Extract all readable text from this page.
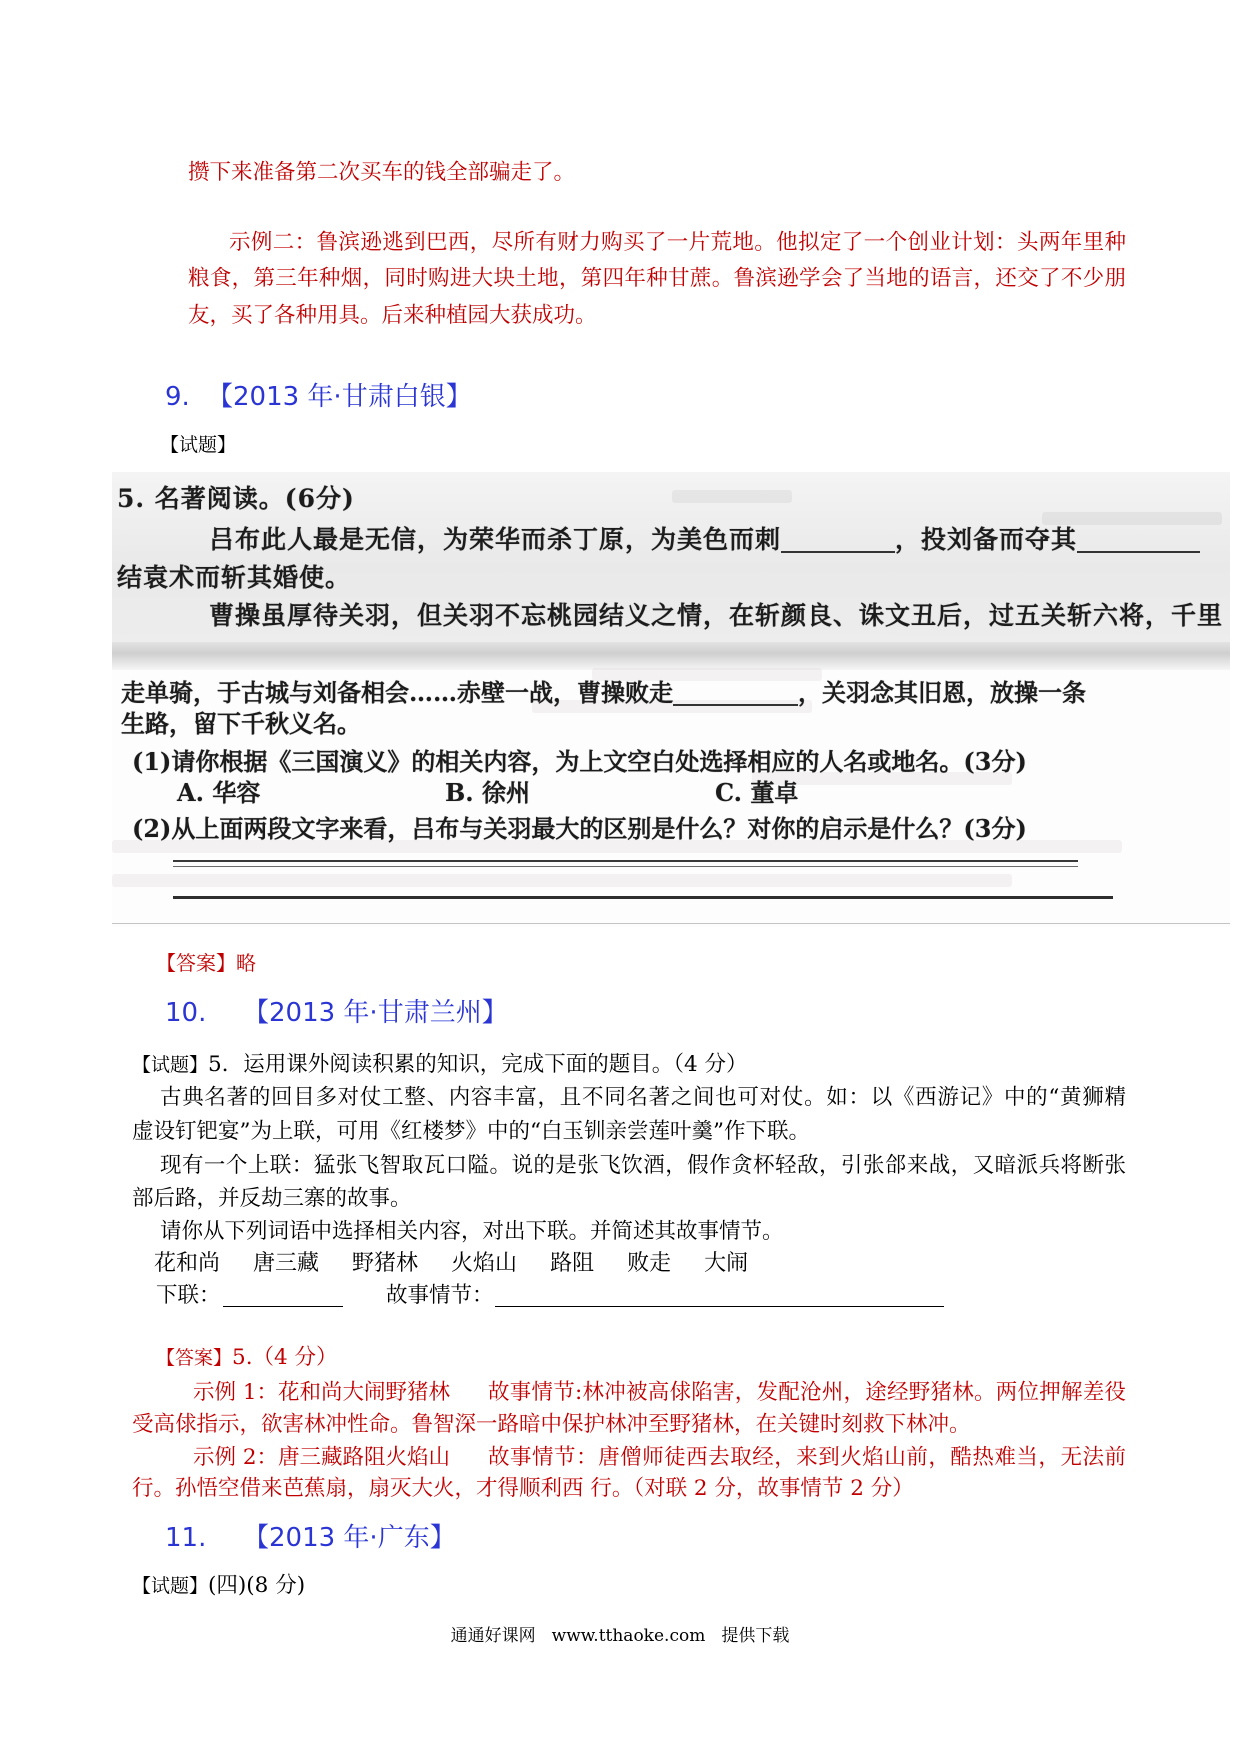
攒下来准备第二次买车的钱全部骗走了。
示例二：鲁滨逊逃到巴西，尽所有财力购买了一片荒地。他拟定了一个创业计划：头两年里种
粮食，第三年种烟，同时购进大块土地，第四年种甘蔗。鲁滨逊学会了当地的语言，还交了不少朋
友，买了各种用具。后来种植园大获成功。
9. 【2013 年·甘肃白银】
【试题】
5. 名著阅读。(6分)
吕布此人最是无信，为荣华而杀丁原，为美色而刺	，投刘备而夺其
结袁术而斩其婚使。
曹操虽厚待关羽，但关羽不忘桃园结义之情，在斩颜良、诛文丑后，过五关斩六将，千里
走单骑，于古城与刘备相会……赤壁一战，曹操败走	，关羽念其旧恩，放操一条
生路，留下千秋义名。
(1)请你根据《三国演义》的相关内容，为上文空白处选择相应的人名或地名。(3分)
A. 华容	B. 徐州	C. 董卓
(2)从上面两段文字来看，吕布与关羽最大的区别是什么？对你的启示是什么？(3分)
【答案】略
10. 【2013 年·甘肃兰州】
【试题】5．运用课外阅读积累的知识，完成下面的题目。（4 分）
古典名著的回目多对仗工整、内容丰富，且不同名著之间也可对仗。如：以《西游记》中的“黄狮精
虚设钉钯宴”为上联，可用《红楼梦》中的“白玉钏亲尝莲叶羹”作下联。
现有一个上联：猛张飞智取瓦口隘。说的是张飞饮酒，假作贪杯轻敌，引张郃来战，又暗派兵将断张
部后路，并反劫三寨的故事。
请你从下列词语中选择相关内容，对出下联。并简述其故事情节。
花和尚 唐三藏 野猪林 火焰山 路阻 败走 大闹
下联：	故事情节：
【答案】5.（4 分）
示例 1：花和尚大闹野猪林 故事情节:林冲被高俅陷害，发配沧州，途经野猪林。两位押解差役
受高俅指示，欲害林冲性命。鲁智深一路暗中保护林冲至野猪林，在关键时刻救下林冲。
示例 2：唐三藏路阻火焰山 故事情节：唐僧师徒西去取经，来到火焰山前，酷热难当，无法前
行。孙悟空借来芭蕉扇，扇灭大火，才得顺利西 行。（对联 2 分，故事情节 2 分）
11. 【2013 年·广东】
【试题】(四)(8 分)
通通好课网 www.tthaoke.com 提供下载
